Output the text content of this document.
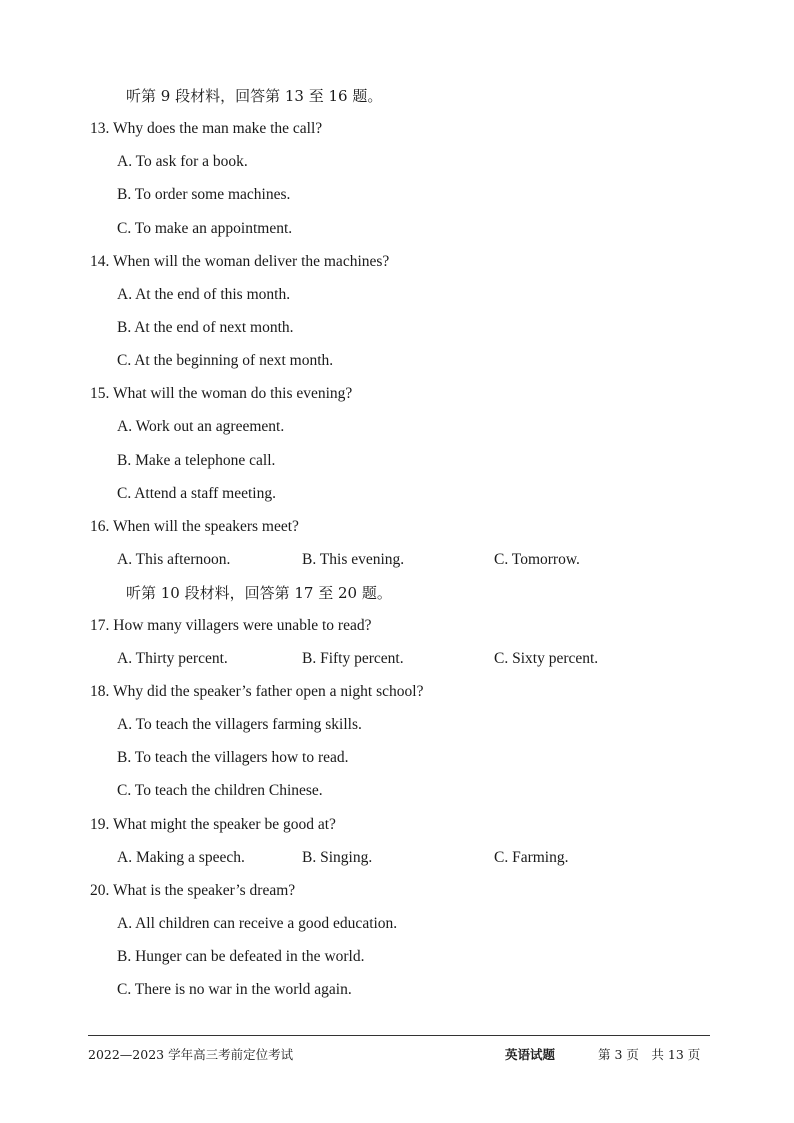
听第 9 段材料，回答第 13 至 16 题。
13. Why does the man make the call?
A. To ask for a book.
B. To order some machines.
C. To make an appointment.
14. When will the woman deliver the machines?
A. At the end of this month.
B. At the end of next month.
C. At the beginning of next month.
15. What will the woman do this evening?
A. Work out an agreement.
B. Make a telephone call.
C. Attend a staff meeting.
16. When will the speakers meet?
A. This afternoon.	B. This evening.	C. Tomorrow.
听第 10 段材料，回答第 17 至 20 题。
17. How many villagers were unable to read?
A. Thirty percent.	B. Fifty percent.	C. Sixty percent.
18. Why did the speaker’s father open a night school?
A. To teach the villagers farming skills.
B. To teach the villagers how to read.
C. To teach the children Chinese.
19. What might the speaker be good at?
A. Making a speech.	B. Singing.	C. Farming.
20. What is the speaker’s dream?
A. All children can receive a good education.
B. Hunger can be defeated in the world.
C. There is no war in the world again.
2022—2023 学年高三考前定位考试	英语试题	第 3 页　共 13 页
